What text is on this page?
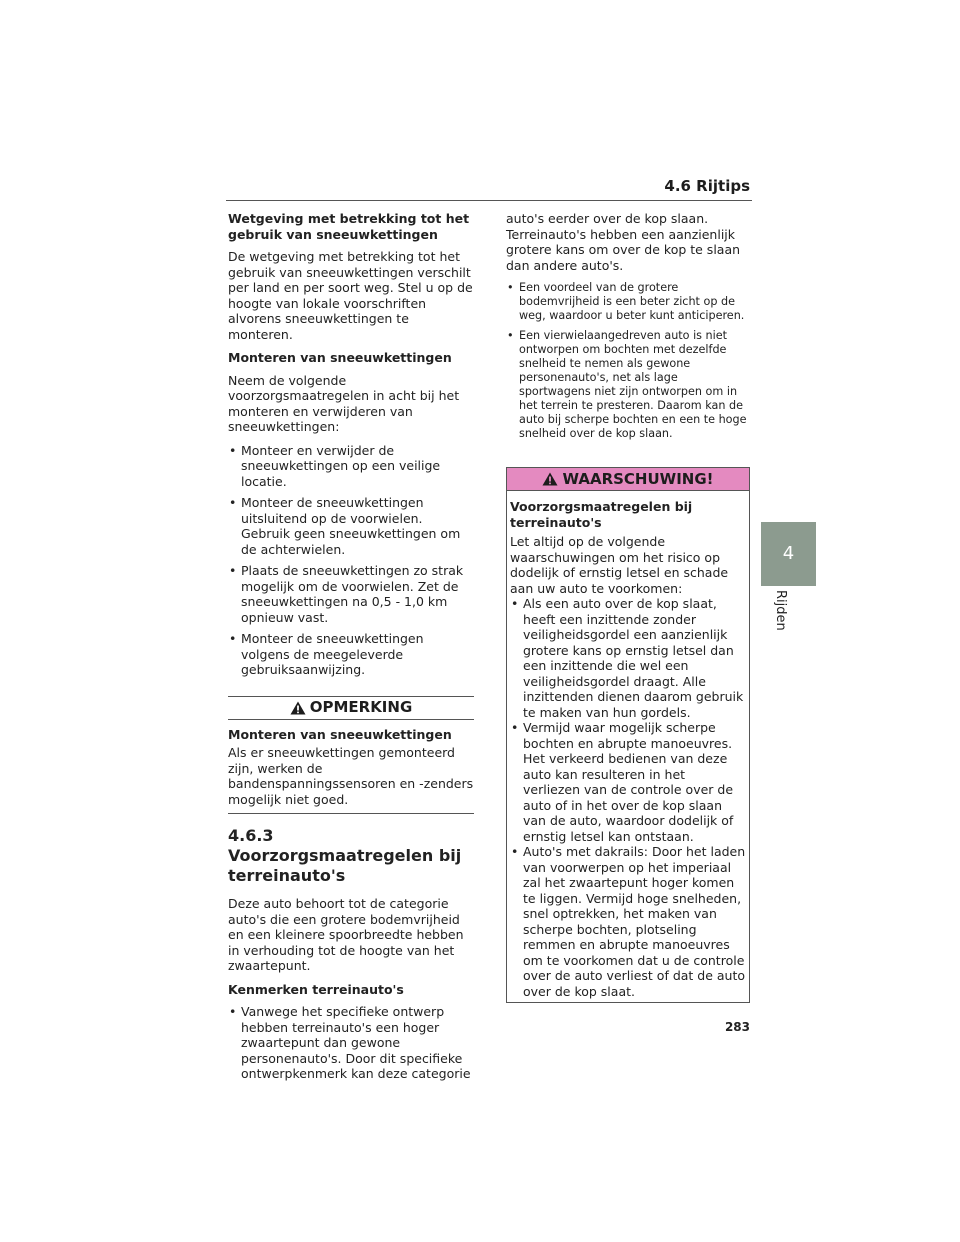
4.6 Rijtips
4
Rijden

Wetgeving met betrekking tot het gebruik van sneeuwkettingen

De wetgeving met betrekking tot het gebruik van sneeuwkettingen verschilt per land en per soort weg. Stel u op de hoogte van lokale voorschriften alvorens sneeuwkettingen te monteren.

Monteren van sneeuwkettingen

Neem de volgende voorzorgsmaatregelen in acht bij het monteren en verwijderen van sneeuwkettingen:

• Monteer en verwijder de sneeuwkettingen op een veilige locatie.
• Monteer de sneeuwkettingen uitsluitend op de voorwielen. Gebruik geen sneeuwkettingen om de achterwielen.
• Plaats de sneeuwkettingen zo strak mogelijk om de voorwielen. Zet de sneeuwkettingen na 0,5 - 1,0 km opnieuw vast.
• Monteer de sneeuwkettingen volgens de meegeleverde gebruiksaanwijzing.
OPMERKING

Monteren van sneeuwkettingen

Als er sneeuwkettingen gemonteerd zijn, werken de bandenspanningssensoren en -zenders mogelijk niet goed.

4.6.3 Voorzorgsmaatregelen bij terreinauto's

Deze auto behoort tot de categorie auto's die een grotere bodemvrijheid en een kleinere spoorbreedte hebben in verhouding tot de hoogte van het zwaartepunt.

Kenmerken terreinauto's

• Vanwege het specifieke ontwerp hebben terreinauto's een hoger zwaartepunt dan gewone personenauto's. Door dit specifieke ontwerpkenmerk kan deze categorie

auto's eerder over de kop slaan. Terreinauto's hebben een aanzienlijk grotere kans om over de kop te slaan dan andere auto's.

• Een voordeel van de grotere bodemvrijheid is een beter zicht op de weg, waardoor u beter kunt anticiperen.
• Een vierwielaangedreven auto is niet ontworpen om bochten met dezelfde snelheid te nemen als gewone personenauto's, net als lage sportwagens niet zijn ontworpen om in het terrein te presteren. Daarom kan de auto bij scherpe bochten en een te hoge snelheid over de kop slaan.
WAARSCHUWING!

Voorzorgsmaatregelen bij terreinauto's

Let altijd op de volgende waarschuwingen om het risico op dodelijk of ernstig letsel en schade aan uw auto te voorkomen:

• Als een auto over de kop slaat, heeft een inzittende zonder veiligheidsgordel een aanzienlijk grotere kans op ernstig letsel dan een inzittende die wel een veiligheidsgordel draagt. Alle inzittenden dienen daarom gebruik te maken van hun gordels.
• Vermijd waar mogelijk scherpe bochten en abrupte manoeuvres. Het verkeerd bedienen van deze auto kan resulteren in het verliezen van de controle over de auto of in het over de kop slaan van de auto, waardoor dodelijk of ernstig letsel kan ontstaan.
• Auto's met dakrails: Door het laden van voorwerpen op het imperiaal zal het zwaartepunt hoger komen te liggen. Vermijd hoge snelheden, snel optrekken, het maken van scherpe bochten, plotseling remmen en abrupte manoeuvres om te voorkomen dat u de controle over de auto verliest of dat de auto over de kop slaat.
283
